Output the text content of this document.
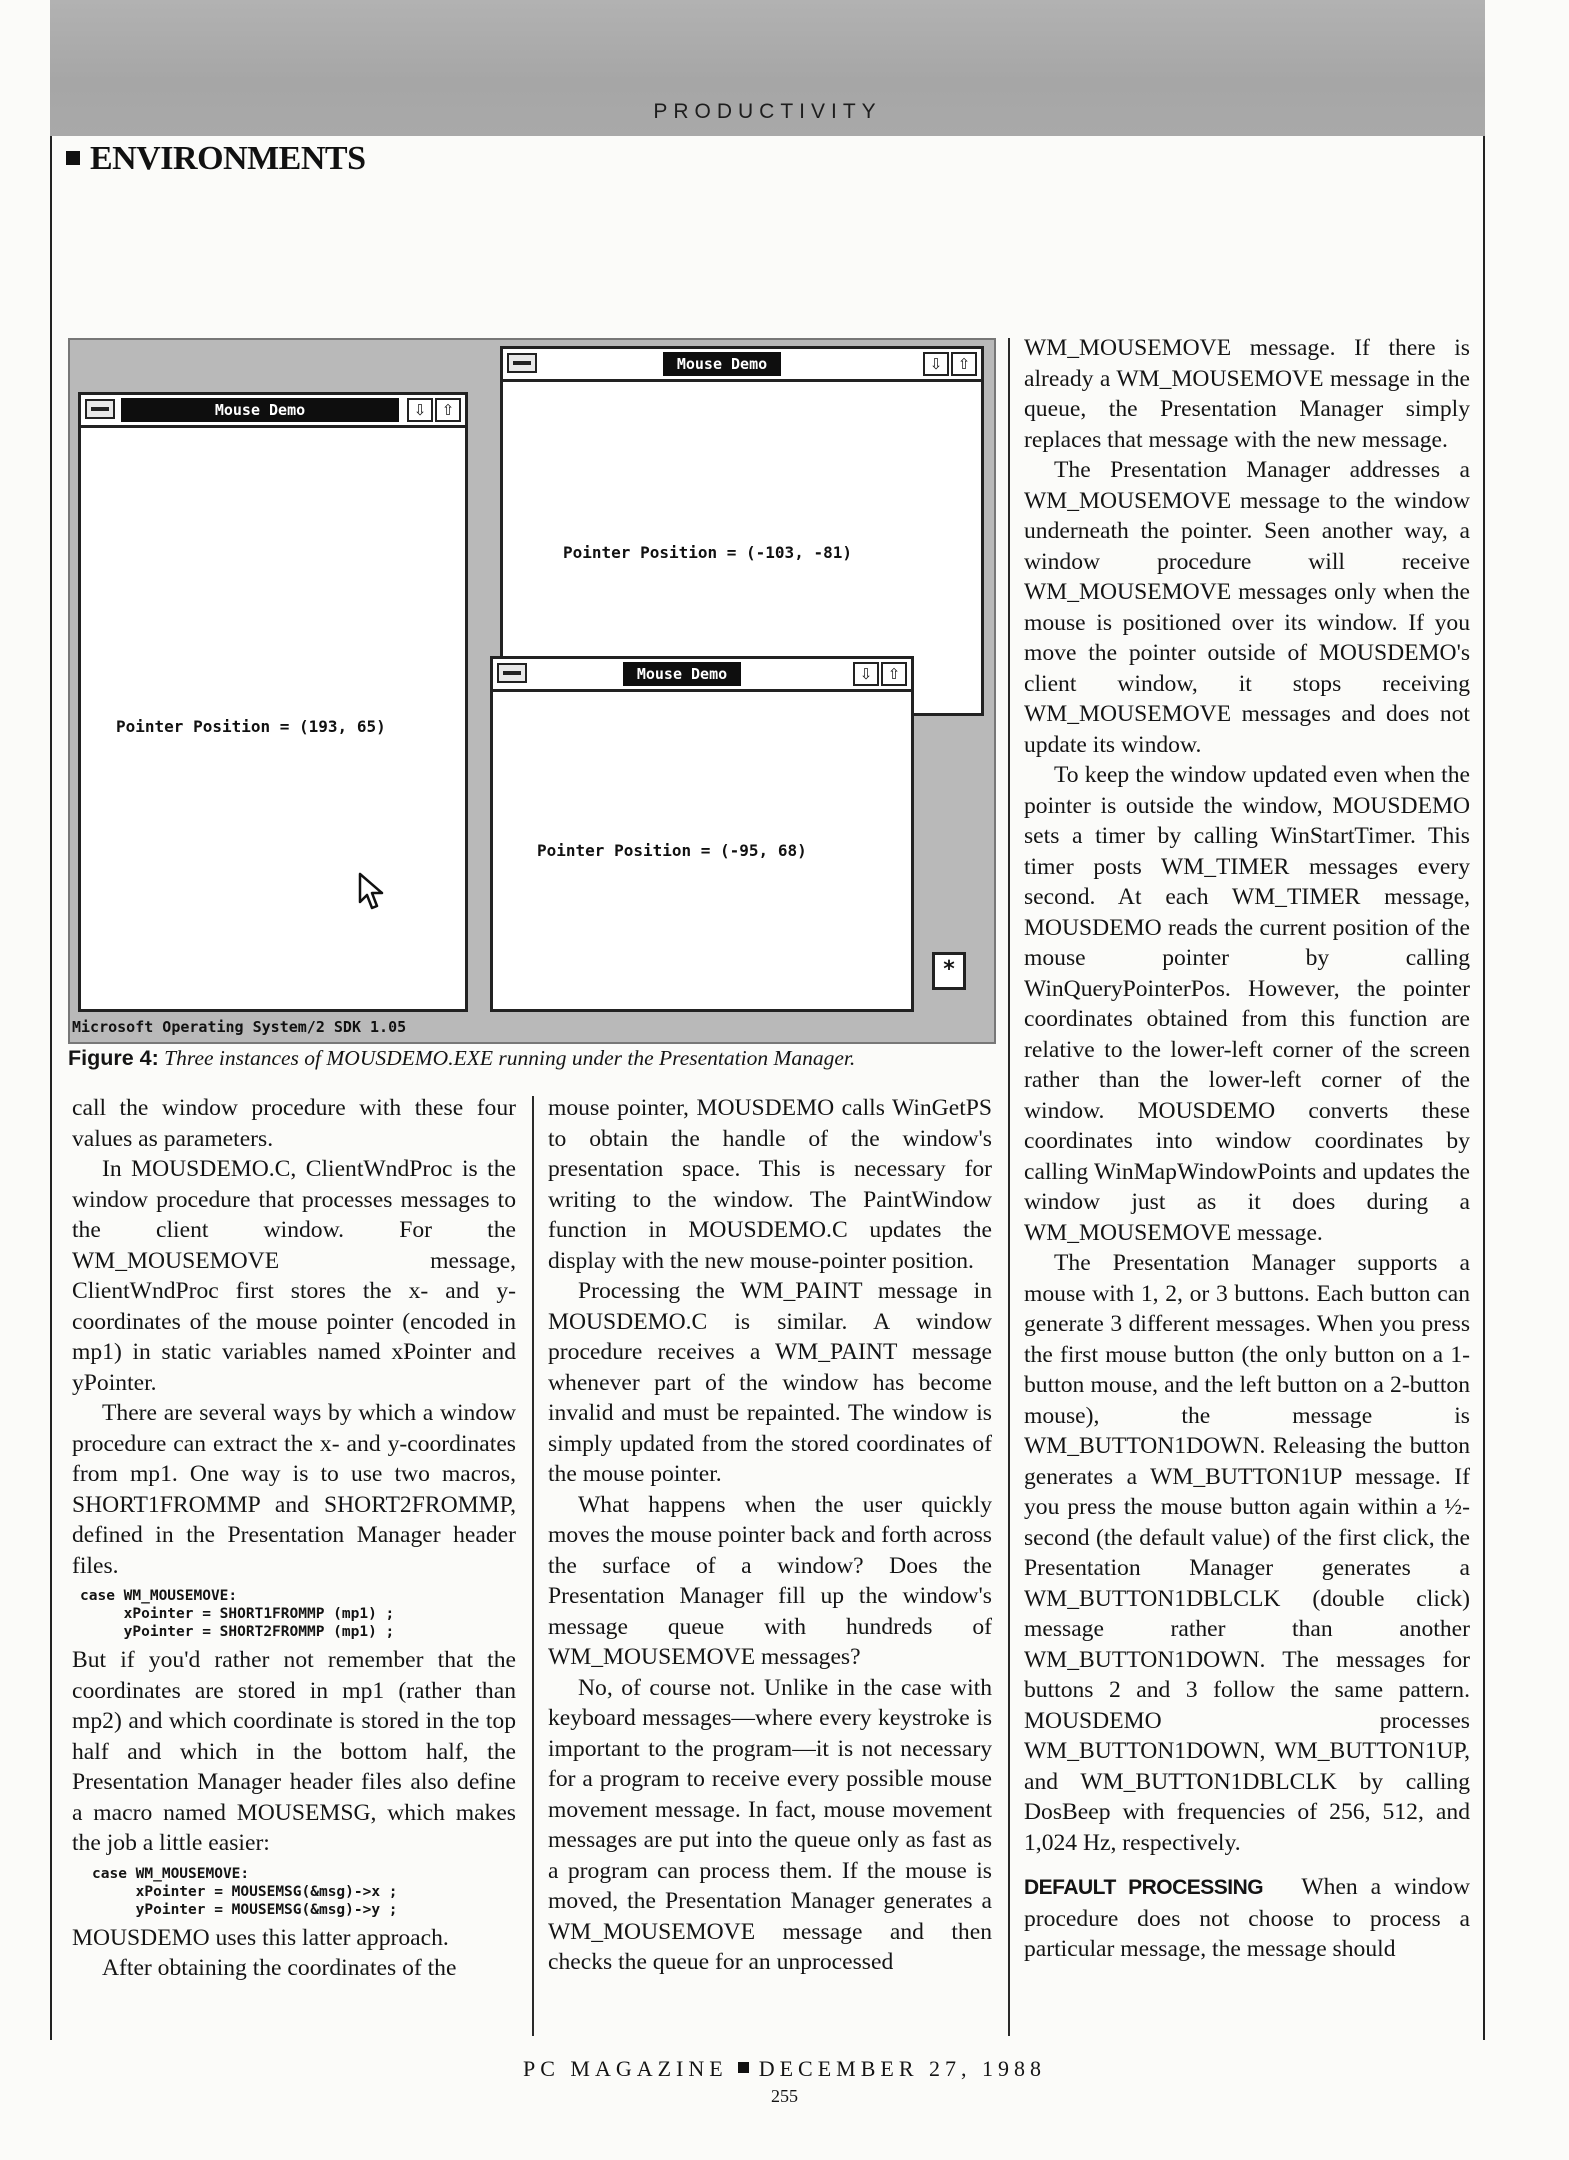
PRODUCTIVITY
ENVIRONMENTS
Mouse Demo	⇩	⇧
Pointer Position = (193, 65)
Mouse Demo	⇩	⇧
Pointer Position = (-103, -81)
Mouse Demo	⇩	⇧
Pointer Position = (-95, 68)
*
Microsoft Operating System/2 SDK 1.05
Figure 4: Three instances of MOUSDEMO.EXE running under the Presentation Manager.

call the window procedure with these four values as parameters.

In MOUSDEMO.C, ClientWndProc is the window procedure that processes messages to the client window. For the WM_MOUSEMOVE message, ClientWndProc first stores the x- and y-coordinates of the mouse pointer (encoded in mp1) in static variables named xPointer and yPointer.

There are several ways by which a window procedure can extract the x- and y-coordinates from mp1. One way is to use two macros, SHORT1FROMMP and SHORT2FROMMP, defined in the Presentation Manager header files.

case WM_MOUSEMOVE:
xPointer = SHORT1FROMMP (mp1) ;
yPointer = SHORT2FROMMP (mp1) ;

But if you'd rather not remember that the coordinates are stored in mp1 (rather than mp2) and which coordinate is stored in the top half and which in the bottom half, the Presentation Manager header files also define a macro named MOUSEMSG, which makes the job a little easier:

case WM_MOUSEMOVE:
xPointer = MOUSEMSG(&msg)->x ;
yPointer = MOUSEMSG(&msg)->y ;

MOUSDEMO uses this latter approach.

After obtaining the coordinates of the

mouse pointer, MOUSDEMO calls WinGetPS to obtain the handle of the window's presentation space. This is necessary for writing to the window. The PaintWindow function in MOUSDEMO.C updates the display with the new mouse-pointer position.

Processing the WM_PAINT message in MOUSDEMO.C is similar. A window procedure receives a WM_PAINT message whenever part of the window has become invalid and must be repainted. The window is simply updated from the stored coordinates of the mouse pointer.

What happens when the user quickly moves the mouse pointer back and forth across the surface of a window? Does the Presentation Manager fill up the window's message queue with hundreds of WM_MOUSEMOVE messages?

No, of course not. Unlike in the case with keyboard messages—where every keystroke is important to the program—it is not necessary for a program to receive every possible mouse movement message. In fact, mouse movement messages are put into the queue only as fast as a program can process them. If the mouse is moved, the Presentation Manager generates a WM_MOUSEMOVE message and then checks the queue for an unprocessed

WM_MOUSEMOVE message. If there is already a WM_MOUSEMOVE message in the queue, the Presentation Manager simply replaces that message with the new message.

The Presentation Manager addresses a WM_MOUSEMOVE message to the window underneath the pointer. Seen another way, a window procedure will receive WM_MOUSEMOVE messages only when the mouse is positioned over its window. If you move the pointer outside of MOUSDEMO's client window, it stops receiving WM_MOUSEMOVE messages and does not update its window.

To keep the window updated even when the pointer is outside the window, MOUSDEMO sets a timer by calling WinStartTimer. This timer posts WM_TIMER messages every second. At each WM_TIMER message, MOUSDEMO reads the current position of the mouse pointer by calling WinQueryPointerPos. However, the pointer coordinates obtained from this function are relative to the lower-left corner of the screen rather than the lower-left corner of the window. MOUSDEMO converts these coordinates into window coordinates by calling WinMapWindowPoints and updates the window just as it does during a WM_MOUSEMOVE message.

The Presentation Manager supports a mouse with 1, 2, or 3 buttons. Each button can generate 3 different messages. When you press the first mouse button (the only button on a 1-button mouse, and the left button on a 2-button mouse), the message is WM_BUTTON1DOWN. Releasing the button generates a WM_BUTTON1UP message. If you press the mouse button again within a ½-second (the default value) of the first click, the Presentation Manager generates a WM_BUTTON1DBLCLK (double click) message rather than another WM_BUTTON1DOWN. The messages for buttons 2 and 3 follow the same pattern. MOUSDEMO processes WM_BUTTON1DOWN, WM_BUTTON1UP, and WM_BUTTON1DBLCLK by calling DosBeep with frequencies of 256, 512, and 1,024 Hz, respectively.

DEFAULT PROCESSING When a window procedure does not choose to process a particular message, the message should

PC MAGAZINE DECEMBER 27, 1988
255
